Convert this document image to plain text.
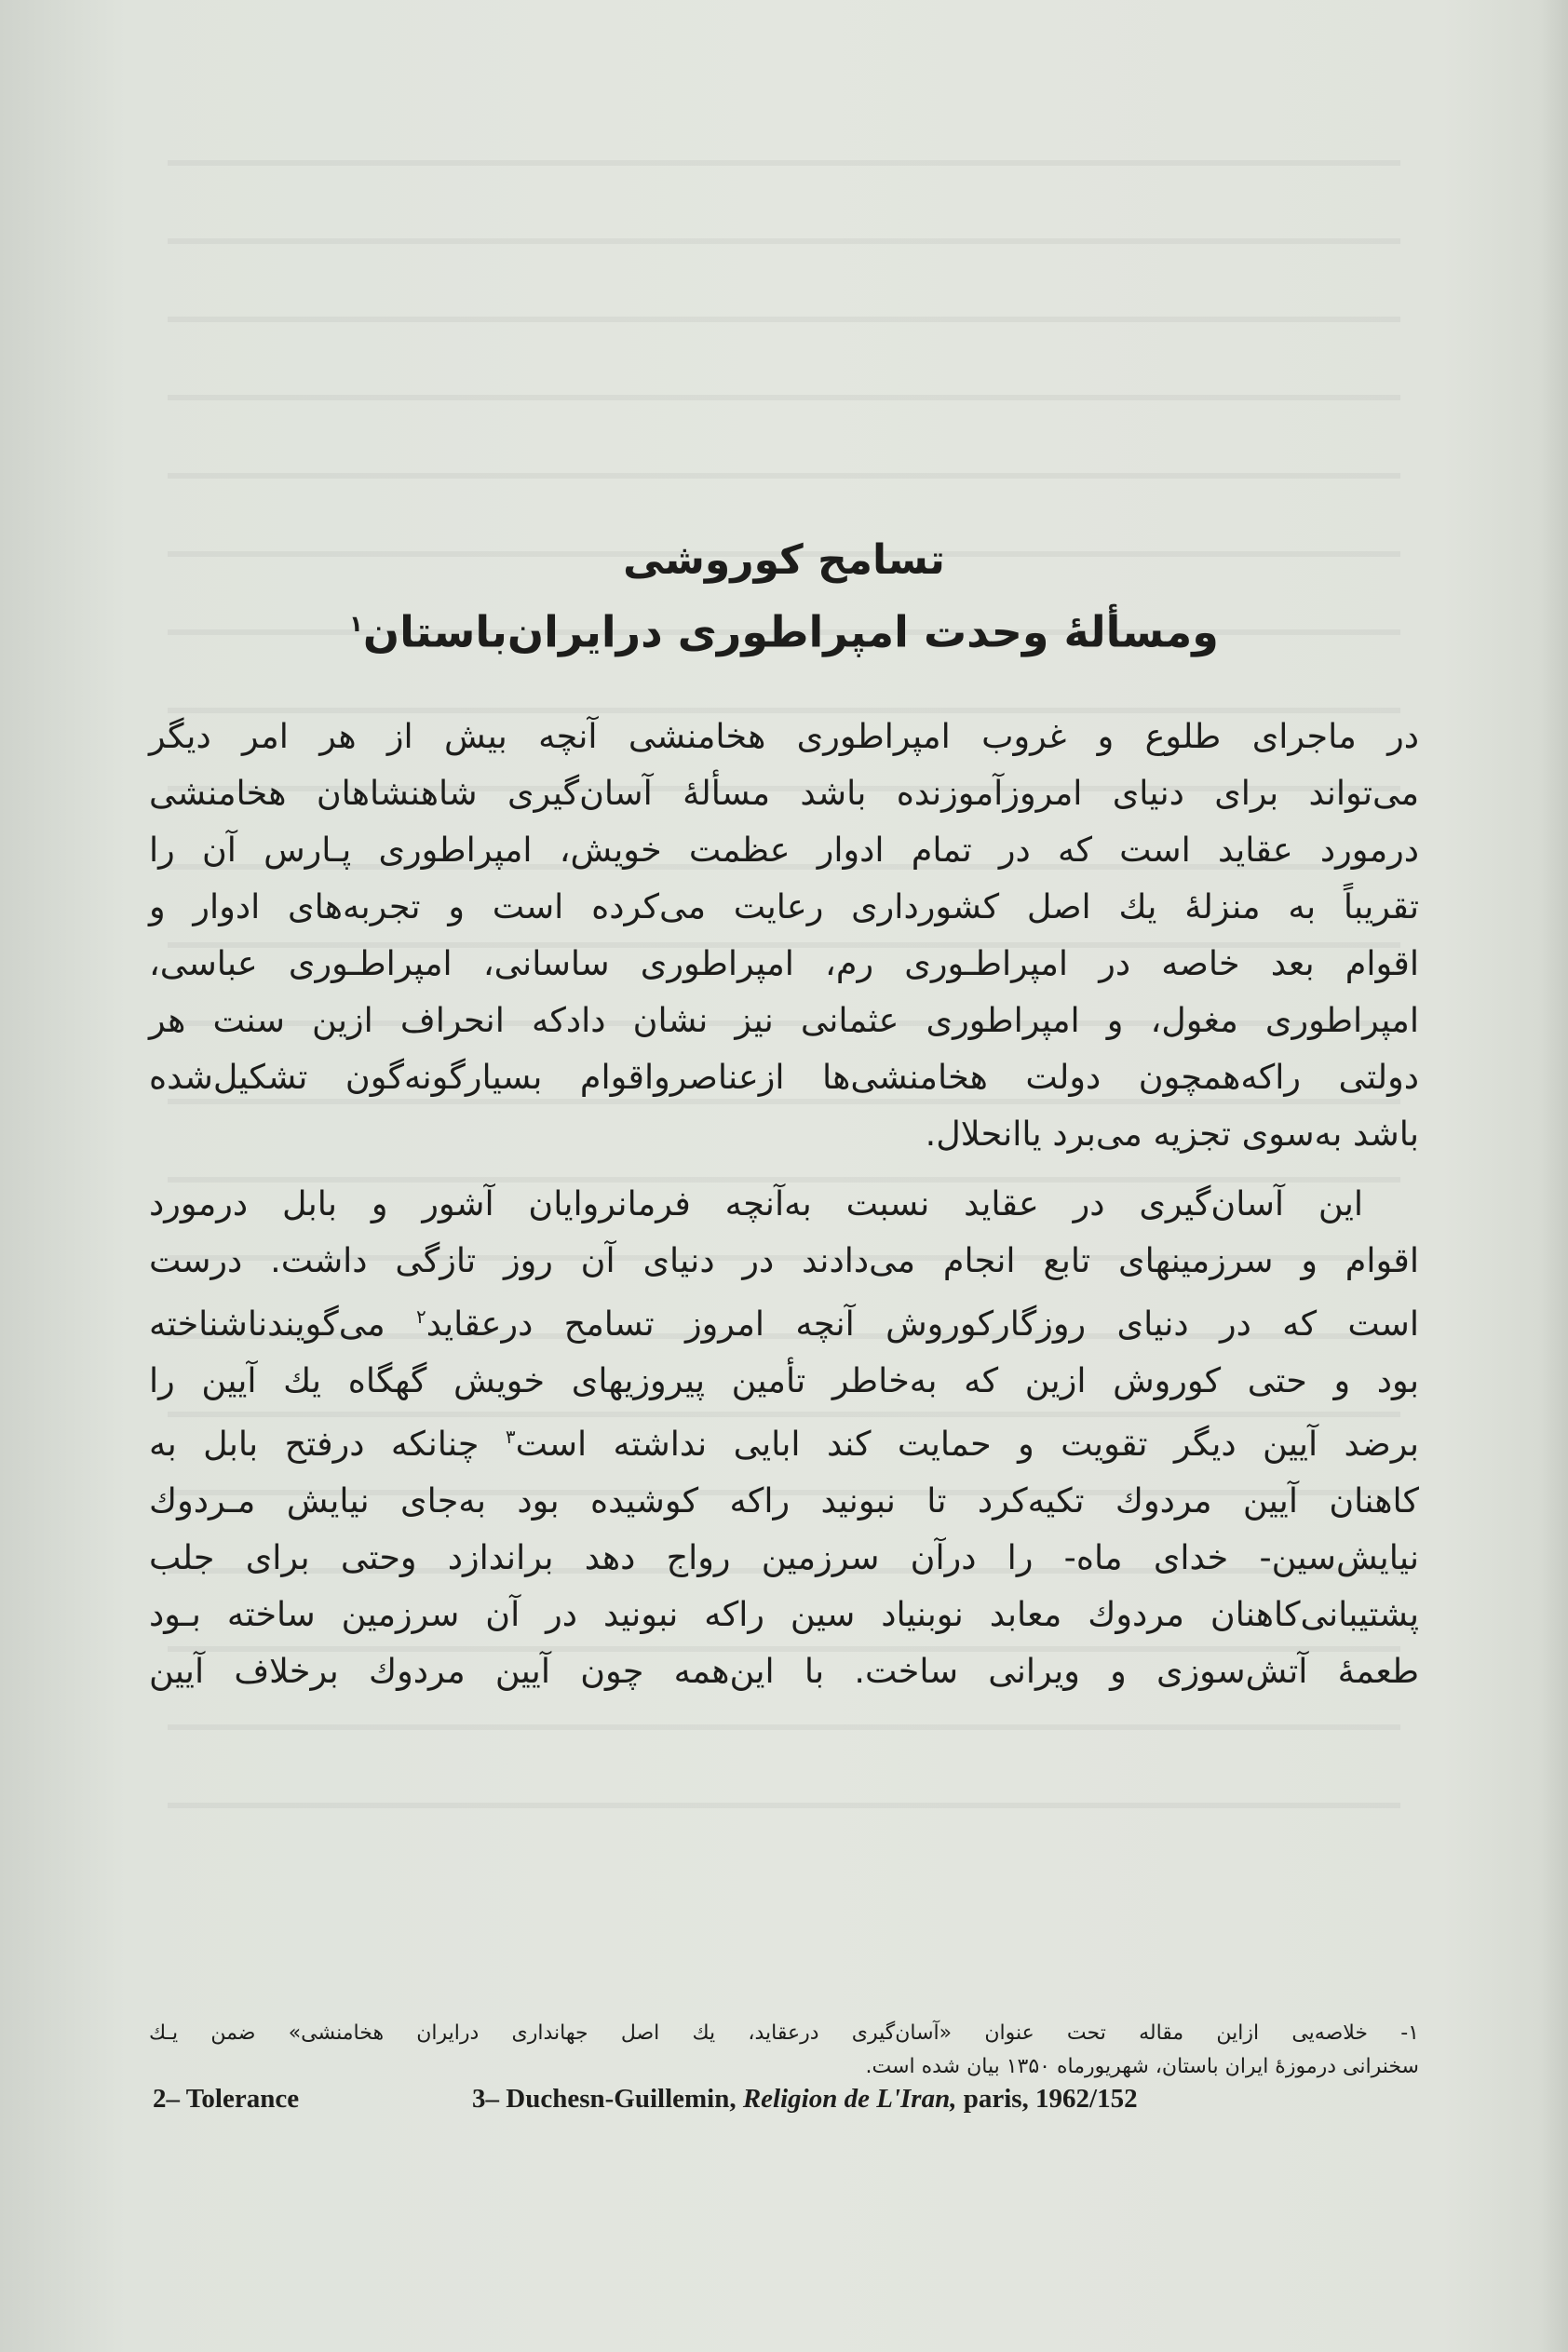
تسامح کوروشی

ومسألهٔ وحدت امپراطوری درایران‌باستان$^۱$

در ماجرای طلوع و غروب امپراطوری هخامنشی آنچه بیش از هر امر دیگر
می‌تواند برای دنیای امروزآموزنده باشد مسألهٔ آسان‌گیری شاهنشاهان هخامنشی
درمورد عقاید است که در تمام ادوار عظمت خویش، امپراطوری پـارس آن را
تقریباً به منزلهٔ یك اصل کشورداری رعایت می‌کرده است و تجربه‌های ادوار و
اقوام بعد خاصه در امپراطـوری رم، امپراطوری ساسانی، امپراطـوری عباسی،
امپراطوری مغول، و امپراطوری عثمانی نیز نشان دادکه انحراف ازین سنت هر
دولتی راکه‌همچون دولت هخامنشی‌ها ازعناصرواقوام بسیارگونه‌گون تشکیل‌شده
باشد به‌سوی تجزیه می‌برد یاانحلال.
این آسان‌گیری در عقاید نسبت به‌آنچه فرمانروایان آشور و بابل درمورد
اقوام و سرزمینهای تابع انجام می‌دادند در دنیای آن روز تازگی داشت. درست
است که در دنیای روزگارکوروش آنچه امروز تسامح درعقاید$^۲$ می‌گویندناشناخته
بود و حتی کوروش ازین که به‌خاطر تأمین پیروزیهای خویش گهگاه یك آیین را
برضد آیین دیگر تقویت و حمایت کند ابایی نداشته است$^۳$ چنانکه درفتح بابل به
کاهنان آیین مردوك تکیه‌کرد تا نبونید راکه کوشیده بود به‌جای نیایش مـردوك
نیایش‌سین- خدای ماه- را درآن سرزمین رواج دهد براندازد وحتی برای جلب
پشتیبانی‌کاهنان مردوك معابد نوبنیاد سین راکه نبونید در آن سرزمین ساخته بـود
طعمهٔ آتش‌سوزی و ویرانی ساخت. با این‌همه چون آیین مردوك برخلاف آیین
۱- خلاصه‌یی ازاین مقاله تحت عنوان «آسان‌گیری درعقاید، یك اصل جهانداری درایران هخامنشی» ضمن یـك
سخنرانی درموزهٔ ایران باستان، شهریورماه ۱۳۵۰ بیان شده است.
2– Tolerance	3– Duchesn-Guillemin, Religion de L'Iran, paris, 1962/152
